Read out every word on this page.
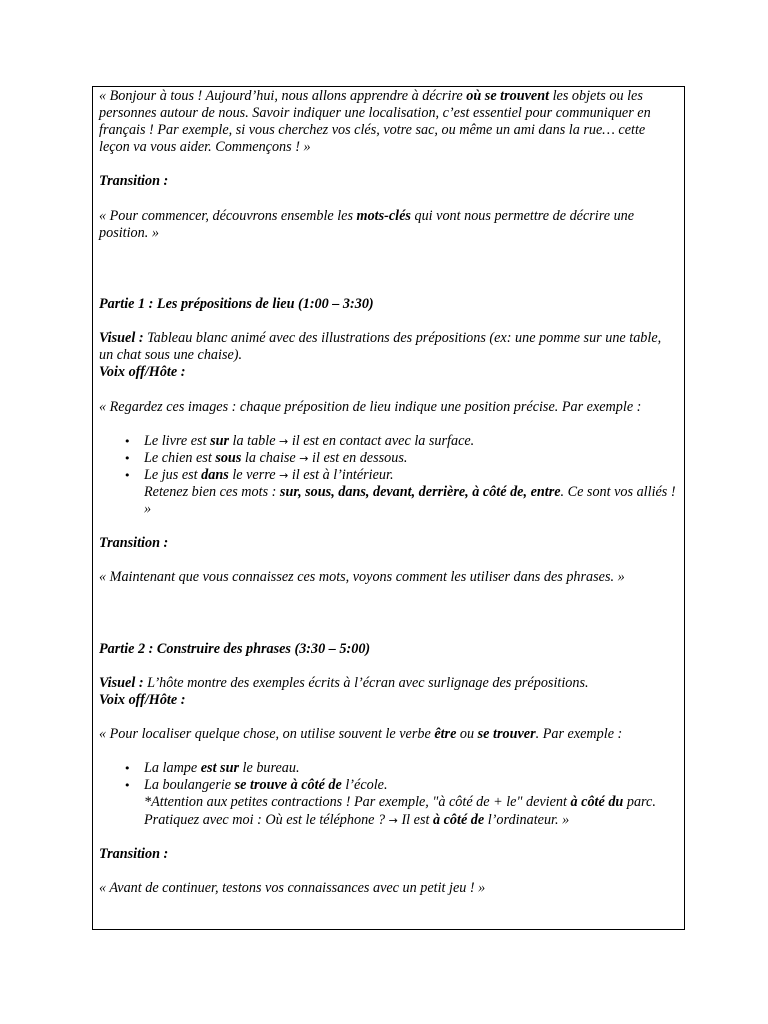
« Bonjour à tous ! Aujourd’hui, nous allons apprendre à décrire où se trouvent les objets ou les personnes autour de nous. Savoir indiquer une localisation, c’est essentiel pour communiquer en français ! Par exemple, si vous cherchez vos clés, votre sac, ou même un ami dans la rue… cette leçon va vous aider. Commençons ! »

Transition :

« Pour commencer, découvrons ensemble les mots-clés qui vont nous permettre de décrire une position. »

Partie 1 : Les prépositions de lieu (1:00 – 3:30)

Visuel : Tableau blanc animé avec des illustrations des prépositions (ex: une pomme sur une table, un chat sous une chaise).

Voix off/Hôte :

« Regardez ces images : chaque préposition de lieu indique une position précise. Par exemple :

• Le livre est sur la table → il est en contact avec la surface.
• Le chien est sous la chaise → il est en dessous.
• Le jus est dans le verre → il est à l’intérieur.
Retenez bien ces mots : sur, sous, dans, devant, derrière, à côté de, entre. Ce sont vos alliés ! »

Transition :

« Maintenant que vous connaissez ces mots, voyons comment les utiliser dans des phrases. »

Partie 2 : Construire des phrases (3:30 – 5:00)

Visuel : L’hôte montre des exemples écrits à l’écran avec surlignage des prépositions.

Voix off/Hôte :

« Pour localiser quelque chose, on utilise souvent le verbe être ou se trouver. Par exemple :

• La lampe est sur le bureau.
• La boulangerie se trouve à côté de l’école.
*Attention aux petites contractions ! Par exemple, "à côté de + le" devient à côté du parc. Pratiquez avec moi : Où est le téléphone ? → Il est à côté de l’ordinateur. »

Transition :

« Avant de continuer, testons vos connaissances avec un petit jeu ! »
